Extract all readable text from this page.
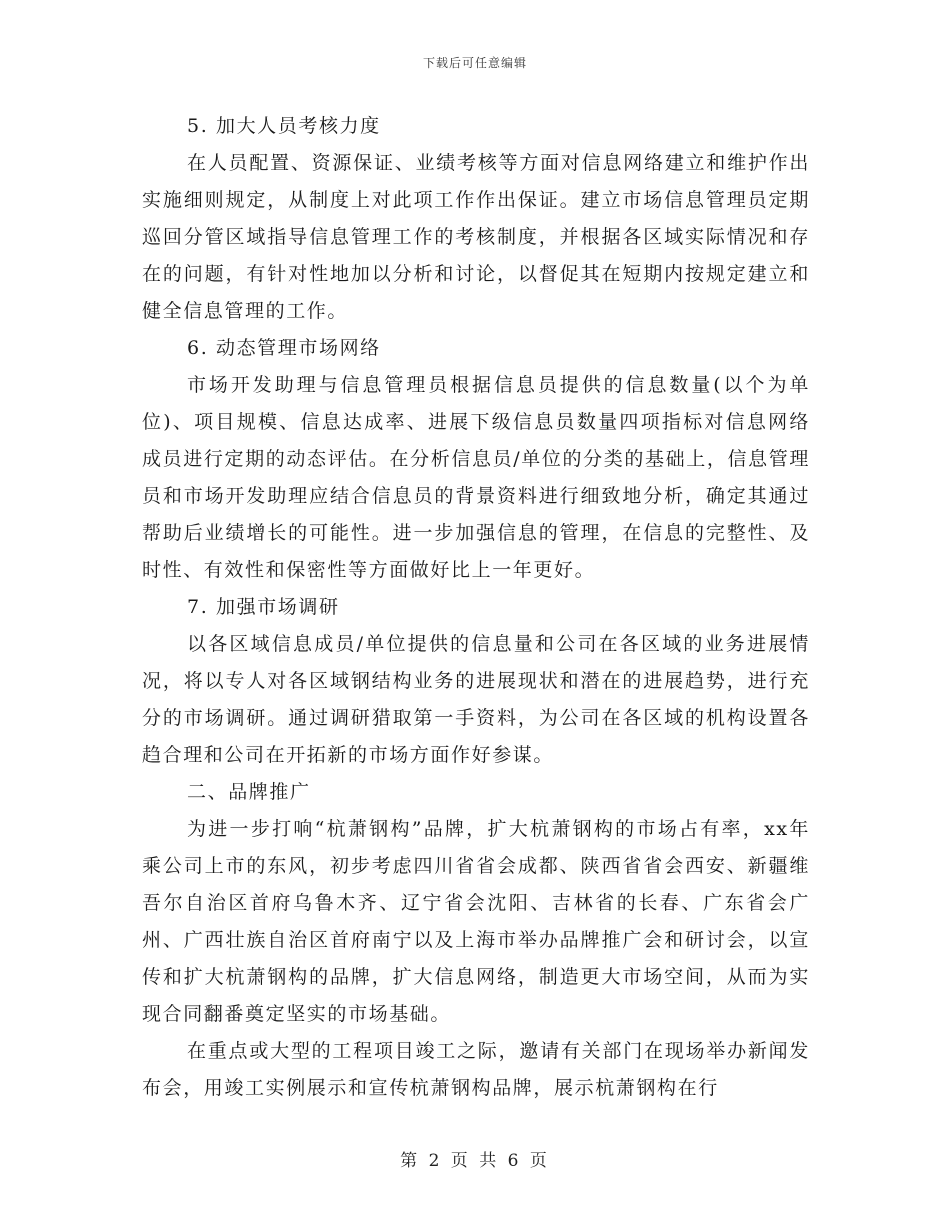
下载后可任意编辑

5. 加大人员考核力度

在人员配置、资源保证、业绩考核等方面对信息网络建立和维护作出实施细则规定，从制度上对此项工作作出保证。建立市场信息管理员定期巡回分管区域指导信息管理工作的考核制度，并根据各区域实际情况和存在的问题，有针对性地加以分析和讨论，以督促其在短期内按规定建立和健全信息管理的工作。

6. 动态管理市场网络

市场开发助理与信息管理员根据信息员提供的信息数量(以个为单位)、项目规模、信息达成率、进展下级信息员数量四项指标对信息网络成员进行定期的动态评估。在分析信息员/单位的分类的基础上，信息管理员和市场开发助理应结合信息员的背景资料进行细致地分析，确定其通过帮助后业绩增长的可能性。进一步加强信息的管理，在信息的完整性、及时性、有效性和保密性等方面做好比上一年更好。

7. 加强市场调研

以各区域信息成员/单位提供的信息量和公司在各区域的业务进展情况，将以专人对各区域钢结构业务的进展现状和潜在的进展趋势，进行充分的市场调研。通过调研猎取第一手资料，为公司在各区域的机构设置各趋合理和公司在开拓新的市场方面作好参谋。

二、品牌推广

为进一步打响“杭萧钢构”品牌，扩大杭萧钢构的市场占有率，xx年乘公司上市的东风，初步考虑四川省省会成都、陕西省省会西安、新疆维吾尔自治区首府乌鲁木齐、辽宁省会沈阳、吉林省的长春、广东省会广州、广西壮族自治区首府南宁以及上海市举办品牌推广会和研讨会，以宣传和扩大杭萧钢构的品牌，扩大信息网络，制造更大市场空间，从而为实现合同翻番奠定坚实的市场基础。

在重点或大型的工程项目竣工之际，邀请有关部门在现场举办新闻发布会，用竣工实例展示和宣传杭萧钢构品牌，展示杭萧钢构在行

第 2 页 共 6 页
